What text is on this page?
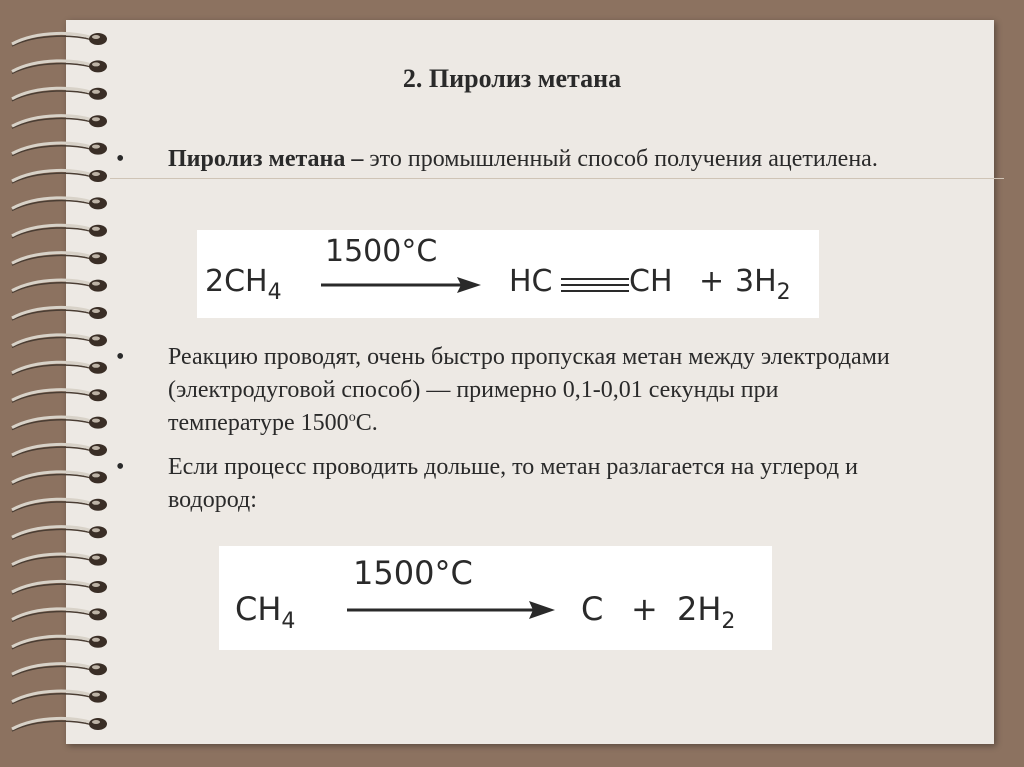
2. Пиролиз метана
• Пиролиз метана – это промышленный способ получения ацетилена.
$2CH_4$
1500°C
HC	CH + $3H_2$
• Реакцию проводят, очень быстро пропуская метан между электродами (электродуговой способ) — примерно 0,1-0,01 секунды при температуре $1500^оС$.
• Если процесс проводить дольше, то метан разлагается на углерод и водород:
$CH_4$
1500°C
$C + 2H_2$
